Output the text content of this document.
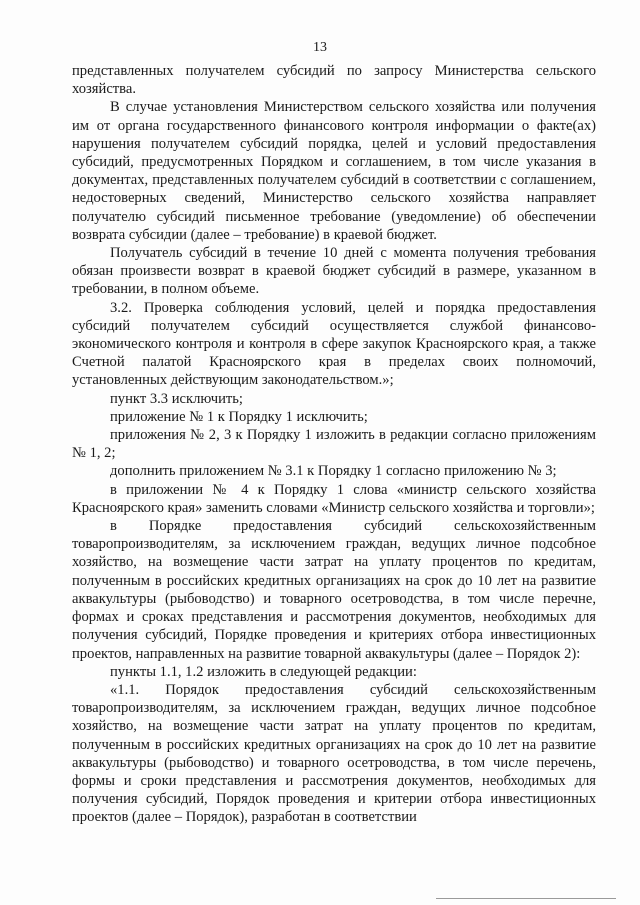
13

представленных получателем субсидий по запросу Министерства сельского хозяйства.

В случае установления Министерством сельского хозяйства или получения им от органа государственного финансового контроля информации о факте(ах) нарушения получателем субсидий порядка, целей и условий предоставления субсидий, предусмотренных Порядком и соглашением, в том числе указания в документах, представленных получателем субсидий в соответствии с соглашением, недостоверных сведений, Министерство сельского хозяйства направляет получателю субсидий письменное требование (уведомление) об обеспечении возврата субсидии (далее – требование) в краевой бюджет.

Получатель субсидий в течение 10 дней с момента получения требования обязан произвести возврат в краевой бюджет субсидий в размере, указанном в требовании, в полном объеме.

3.2. Проверка соблюдения условий, целей и порядка предоставления субсидий получателем субсидий осуществляется службой финансово-экономического контроля и контроля в сфере закупок Красноярского края, а также Счетной палатой Красноярского края в пределах своих полномочий, установленных действующим законодательством.»;

пункт 3.3 исключить;

приложение № 1 к Порядку 1 исключить;

приложения № 2, 3 к Порядку 1 изложить в редакции согласно приложениям № 1, 2;

дополнить приложением № 3.1 к Порядку 1 согласно приложению № 3;

в приложении № 4 к Порядку 1 слова «министр сельского хозяйства Красноярского края» заменить словами «Министр сельского хозяйства и торговли»;

в Порядке предоставления субсидий сельскохозяйственным товаропроизводителям, за исключением граждан, ведущих личное подсобное хозяйство, на возмещение части затрат на уплату процентов по кредитам, полученным в российских кредитных организациях на срок до 10 лет на развитие аквакультуры (рыбоводство) и товарного осетроводства, в том числе перечне, формах и сроках представления и рассмотрения документов, необходимых для получения субсидий, Порядке проведения и критериях отбора инвестиционных проектов, направленных на развитие товарной аквакультуры (далее – Порядок 2):

пункты 1.1, 1.2 изложить в следующей редакции:

«1.1. Порядок предоставления субсидий сельскохозяйственным товаропроизводителям, за исключением граждан, ведущих личное подсобное хозяйство, на возмещение части затрат на уплату процентов по кредитам, полученным в российских кредитных организациях на срок до 10 лет на развитие аквакультуры (рыбоводство) и товарного осетроводства, в том числе перечень, формы и сроки представления и рассмотрения документов, необходимых для получения субсидий, Порядок проведения и критерии отбора инвестиционных проектов (далее – Порядок), разработан в соответствии
